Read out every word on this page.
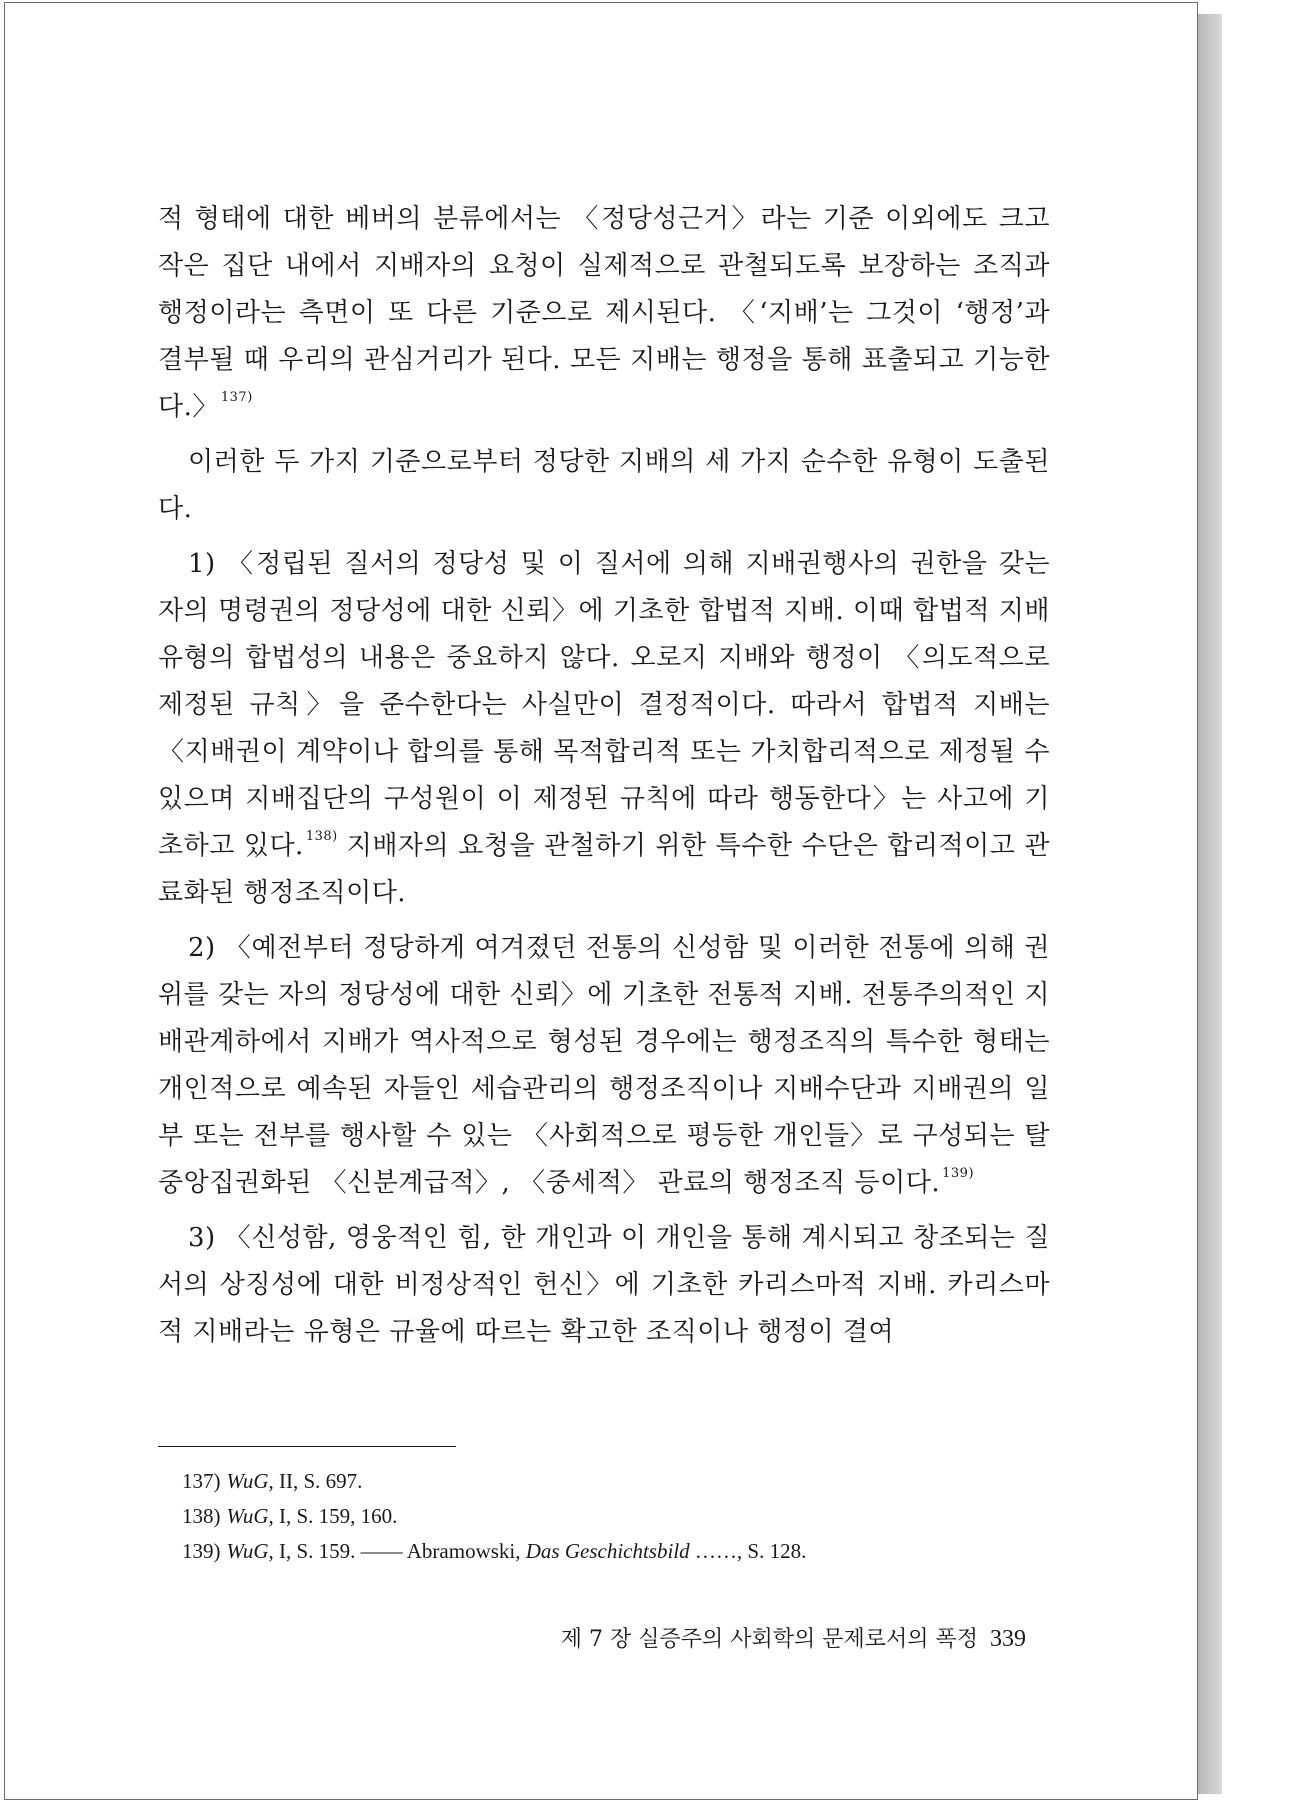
적 형태에 대한 베버의 분류에서는 〈정당성근거〉라는 기준 이외에도 크고 작은 집단 내에서 지배자의 요청이 실제적으로 관철되도록 보장하는 조직과 행정이라는 측면이 또 다른 기준으로 제시된다. 〈‘지배’는 그것이 ‘행정’과 결부될 때 우리의 관심거리가 된다. 모든 지배는 행정을 통해 표출되고 기능한다.〉 $^{137)}$

이러한 두 가지 기준으로부터 정당한 지배의 세 가지 순수한 유형이 도출된다.

1) 〈정립된 질서의 정당성 및 이 질서에 의해 지배권행사의 권한을 갖는 자의 명령권의 정당성에 대한 신뢰〉에 기초한 합법적 지배. 이때 합법적 지배유형의 합법성의 내용은 중요하지 않다. 오로지 지배와 행정이 〈의도적으로 제정된 규칙〉을 준수한다는 사실만이 결정적이다. 따라서 합법적 지배는 〈지배권이 계약이나 합의를 통해 목적합리적 또는 가치합리적으로 제정될 수 있으며 지배집단의 구성원이 이 제정된 규칙에 따라 행동한다〉는 사고에 기초하고 있다. $^{138)}$ 지배자의 요청을 관철하기 위한 특수한 수단은 합리적이고 관료화된 행정조직이다.

2) 〈예전부터 정당하게 여겨졌던 전통의 신성함 및 이러한 전통에 의해 권위를 갖는 자의 정당성에 대한 신뢰〉에 기초한 전통적 지배. 전통주의적인 지배관계하에서 지배가 역사적으로 형성된 경우에는 행정조직의 특수한 형태는 개인적으로 예속된 자들인 세습관리의 행정조직이나 지배수단과 지배권의 일부 또는 전부를 행사할 수 있는 〈사회적으로 평등한 개인들〉로 구성되는 탈중앙집권화된 〈신분계급적〉, 〈중세적〉 관료의 행정조직 등이다. $^{139)}$

3) 〈신성함, 영웅적인 힘, 한 개인과 이 개인을 통해 계시되고 창조되는 질서의 상징성에 대한 비정상적인 헌신〉에 기초한 카리스마적 지배. 카리스마적 지배라는 유형은 규율에 따르는 확고한 조직이나 행정이 결여

137) WuG, II, S. 697.
138) WuG, I, S. 159, 160.
139) WuG, I, S. 159. —— Abramowski, Das Geschichtsbild ……, S. 128.
제 7 장 실증주의 사회학의 문제로서의 폭정 339
